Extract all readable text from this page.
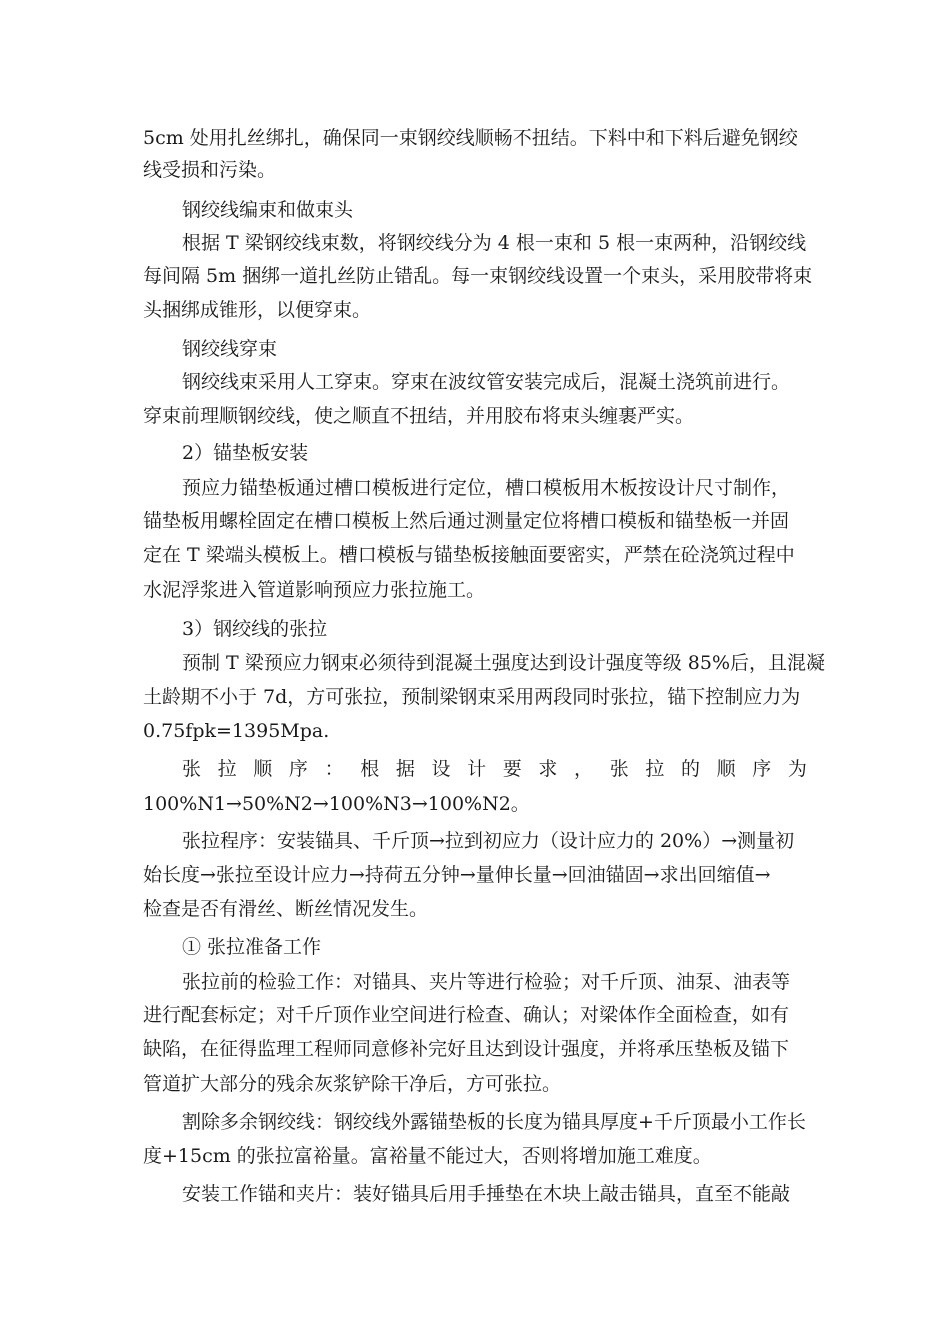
5cm 处用扎丝绑扎，确保同一束钢绞线顺畅不扭结。下料中和下料后避免钢绞
线受损和污染。
钢绞线编束和做束头
根据 T 梁钢绞线束数，将钢绞线分为 4 根一束和 5 根一束两种，沿钢绞线
每间隔 5m 捆绑一道扎丝防止错乱。每一束钢绞线设置一个束头，采用胶带将束
头捆绑成锥形，以便穿束。
钢绞线穿束
钢绞线束采用人工穿束。穿束在波纹管安装完成后，混凝土浇筑前进行。
穿束前理顺钢绞线，使之顺直不扭结，并用胶布将束头缠裹严实。
2）锚垫板安装
预应力锚垫板通过槽口模板进行定位，槽口模板用木板按设计尺寸制作，
锚垫板用螺栓固定在槽口模板上然后通过测量定位将槽口模板和锚垫板一并固
定在 T 梁端头模板上。槽口模板与锚垫板接触面要密实，严禁在砼浇筑过程中
水泥浮浆进入管道影响预应力张拉施工。
3）钢绞线的张拉
预制 T 梁预应力钢束必须待到混凝土强度达到设计强度等级 85%后，且混凝
土龄期不小于 7d，方可张拉，预制梁钢束采用两段同时张拉，锚下控制应力为
0.75fpk=1395Mpa.
张 拉 顺 序 ： 根 据 设 计 要 求 ， 张 拉 的 顺 序 为
100%N1→50%N2→100%N3→100%N2。
张拉程序：安装锚具、千斤顶→拉到初应力（设计应力的 20%）→测量初
始长度→张拉至设计应力→持荷五分钟→量伸长量→回油锚固→求出回缩值→
检查是否有滑丝、断丝情况发生。
① 张拉准备工作
张拉前的检验工作：对锚具、夹片等进行检验；对千斤顶、油泵、油表等
进行配套标定；对千斤顶作业空间进行检查、确认；对梁体作全面检查，如有
缺陷，在征得监理工程师同意修补完好且达到设计强度，并将承压垫板及锚下
管道扩大部分的残余灰浆铲除干净后，方可张拉。
割除多余钢绞线：钢绞线外露锚垫板的长度为锚具厚度+千斤顶最小工作长
度+15cm 的张拉富裕量。富裕量不能过大，否则将增加施工难度。
安装工作锚和夹片：装好锚具后用手捶垫在木块上敲击锚具，直至不能敲
